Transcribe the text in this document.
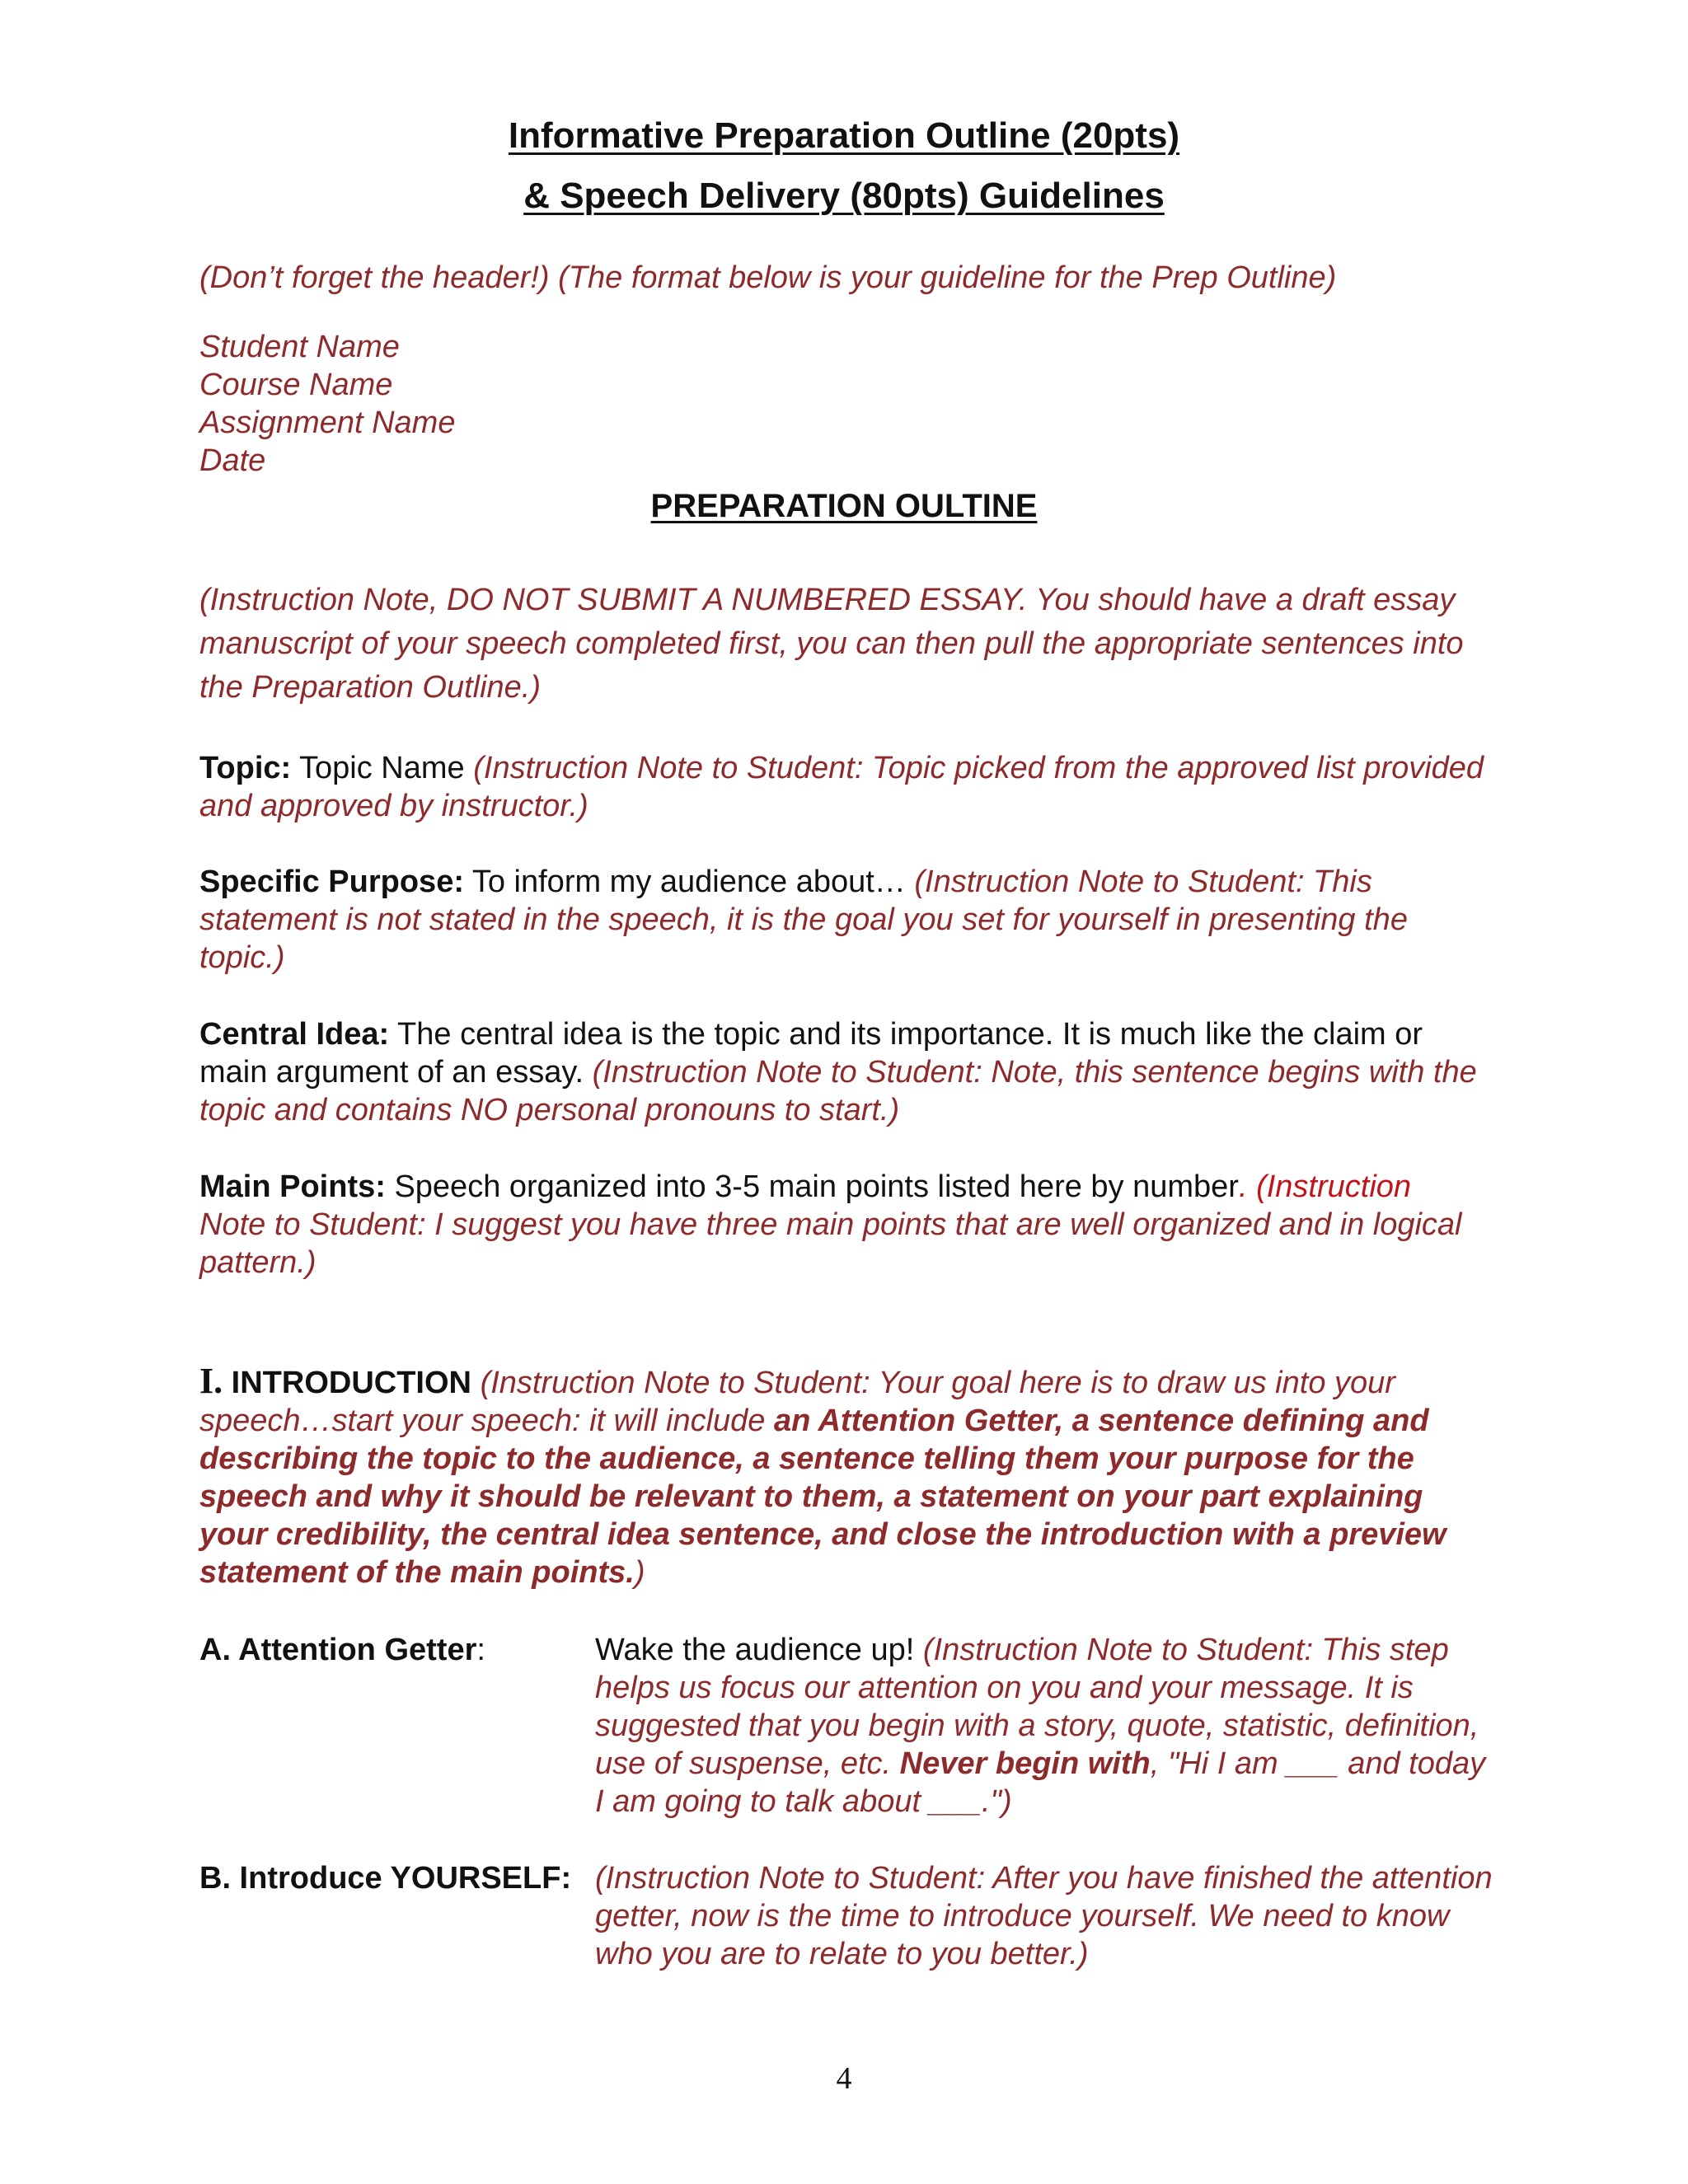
Informative Preparation Outline (20pts)
& Speech Delivery (80pts) Guidelines
(Don’t forget the header!) (The format below is your guideline for the Prep Outline)
Student Name
Course Name
Assignment Name
Date
PREPARATION OULTINE
(Instruction Note, DO NOT SUBMIT A NUMBERED ESSAY. You should have a draft essay manuscript of your speech completed first, you can then pull the appropriate sentences into the Preparation Outline.)
Topic: Topic Name (Instruction Note to Student: Topic picked from the approved list provided and approved by instructor.)
Specific Purpose: To inform my audience about… (Instruction Note to Student: This statement is not stated in the speech, it is the goal you set for yourself in presenting the topic.)
Central Idea: The central idea is the topic and its importance. It is much like the claim or main argument of an essay. (Instruction Note to Student: Note, this sentence begins with the topic and contains NO personal pronouns to start.)
Main Points: Speech organized into 3-5 main points listed here by number. (Instruction Note to Student: I suggest you have three main points that are well organized and in logical pattern.)
I. INTRODUCTION (Instruction Note to Student: Your goal here is to draw us into your speech…start your speech: it will include an Attention Getter, a sentence defining and describing the topic to the audience, a sentence telling them your purpose for the speech and why it should be relevant to them, a statement on your part explaining your credibility, the central idea sentence, and close the introduction with a preview statement of the main points.)
A. Attention Getter:	Wake the audience up! (Instruction Note to Student: This step helps us focus our attention on you and your message. It is suggested that you begin with a story, quote, statistic, definition, use of suspense, etc. Never begin with, "Hi I am ___ and today I am going to talk about ___.")
B. Introduce YOURSELF: (Instruction Note to Student: After you have finished the attention getter, now is the time to introduce yourself. We need to know who you are to relate to you better.)
4
